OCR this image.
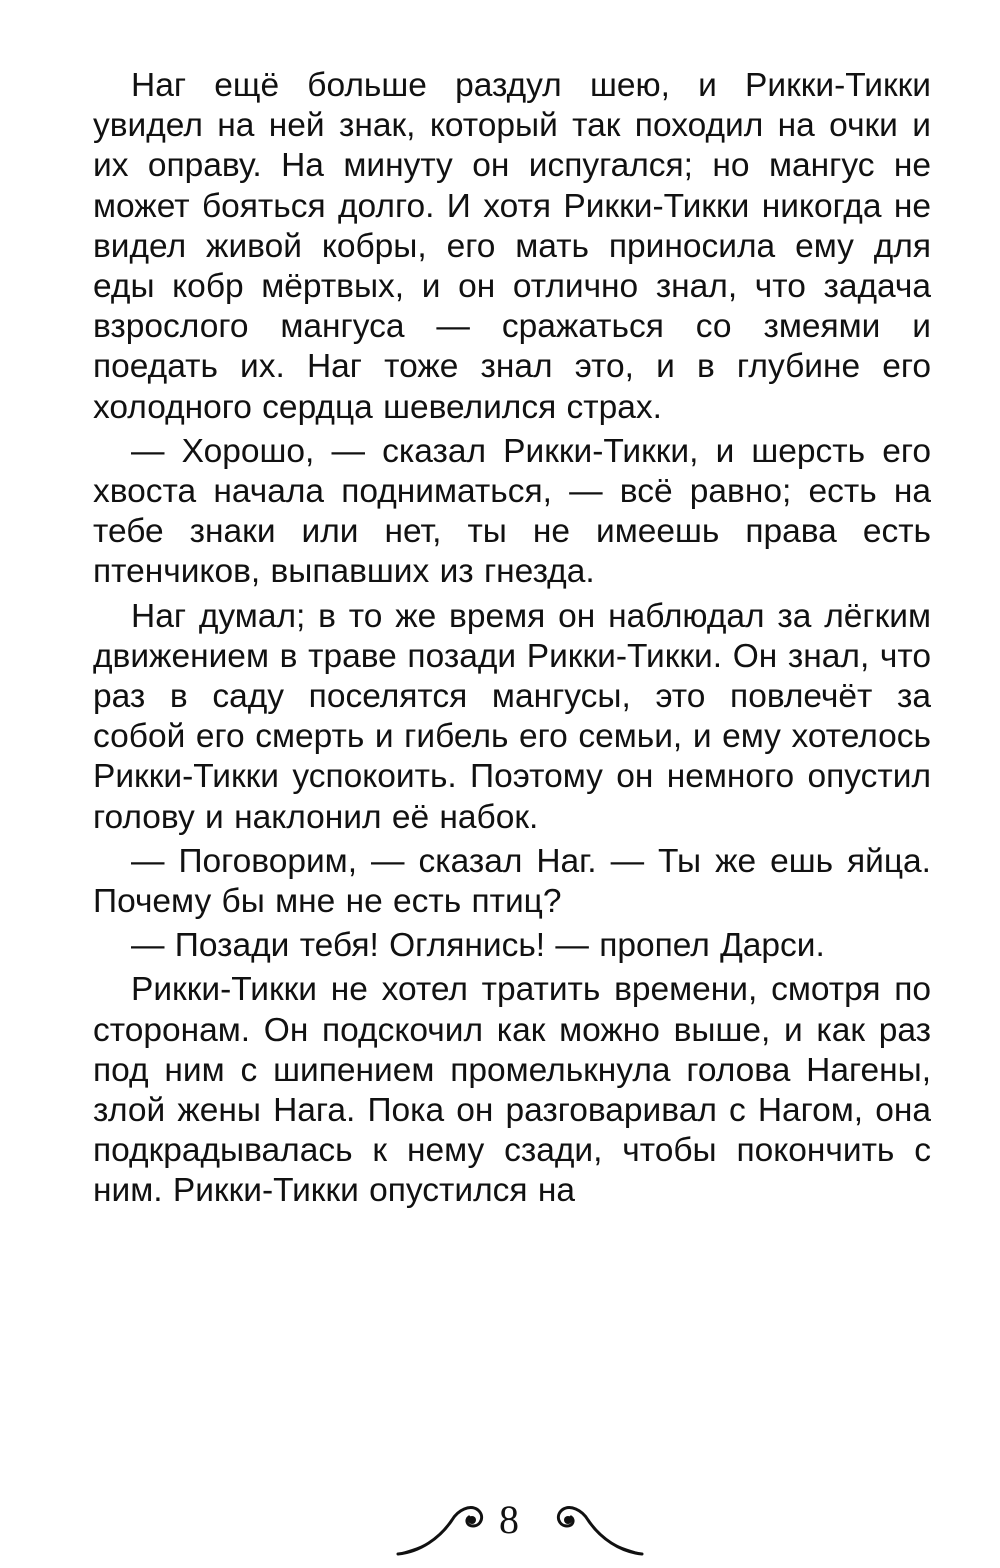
Наг ещё больше раздул шею, и Рикки-Тикки увидел на ней знак, который так походил на очки и их оправу. На минуту он испугался; но мангус не может бояться долго. И хотя Рикки-Тикки никогда не видел живой кобры, его мать приносила ему для еды кобр мёртвых, и он отлично знал, что задача взрослого мангуса — сражаться со змеями и поедать их. Наг тоже знал это, и в глубине его холодного сердца шевелился страх.

— Хорошо, — сказал Рикки-Тикки, и шерсть его хвоста начала подниматься, — всё равно; есть на тебе знаки или нет, ты не имеешь права есть птенчиков, выпавших из гнезда.

Наг думал; в то же время он наблюдал за лёгким движением в траве позади Рикки-Тикки. Он знал, что раз в саду поселятся мангусы, это повлечёт за собой его смерть и гибель его семьи, и ему хотелось Рикки-Тикки успокоить. Поэтому он немного опустил голову и наклонил её набок.

— Поговорим, — сказал Наг. — Ты же ешь яйца. Почему бы мне не есть птиц?

— Позади тебя! Оглянись! — пропел Дарси.

Рикки-Тикки не хотел тратить времени, смотря по сторонам. Он подскочил как можно выше, и как раз под ним с шипением промелькнула голова Нагены, злой жены Нага. Пока он разговаривал с Нагом, она подкрадывалась к нему сзади, чтобы покончить с ним. Рикки-Тикки опустился на

8
